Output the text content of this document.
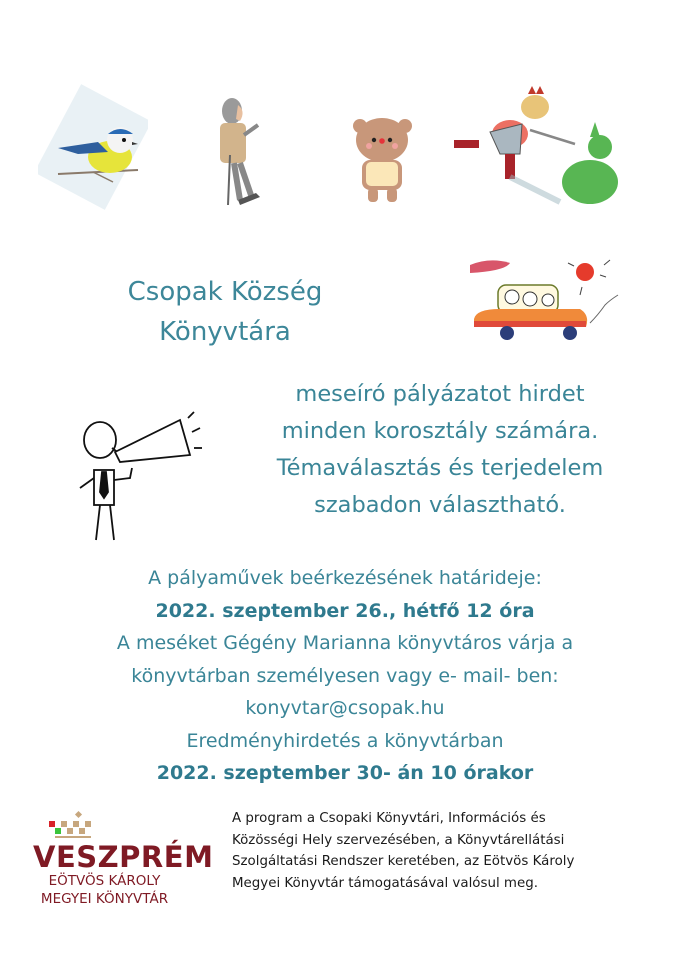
Csopak Község
Könyvtára
meseíró pályázatot hirdet
minden korosztály számára.
Témaválasztás és terjedelem
szabadon választható.
A pályaművek beérkezésének határideje:
2022. szeptember 26., hétfő 12 óra
A meséket Gégény Marianna könyvtáros várja a
könyvtárban személyesen vagy e- mail- ben:
konyvtar@csopak.hu
Eredményhirdetés a könyvtárban
2022. szeptember 30- án 10 órakor
VESZPRÉM
EÖTVÖS KÁROLY
MEGYEI KÖNYVTÁR
A program a Csopaki Könyvtári, Információs és
Közösségi Hely szervezésében, a Könyvtárellátási
Szolgáltatási Rendszer keretében, az Eötvös Károly
Megyei Könyvtár támogatásával valósul meg.
